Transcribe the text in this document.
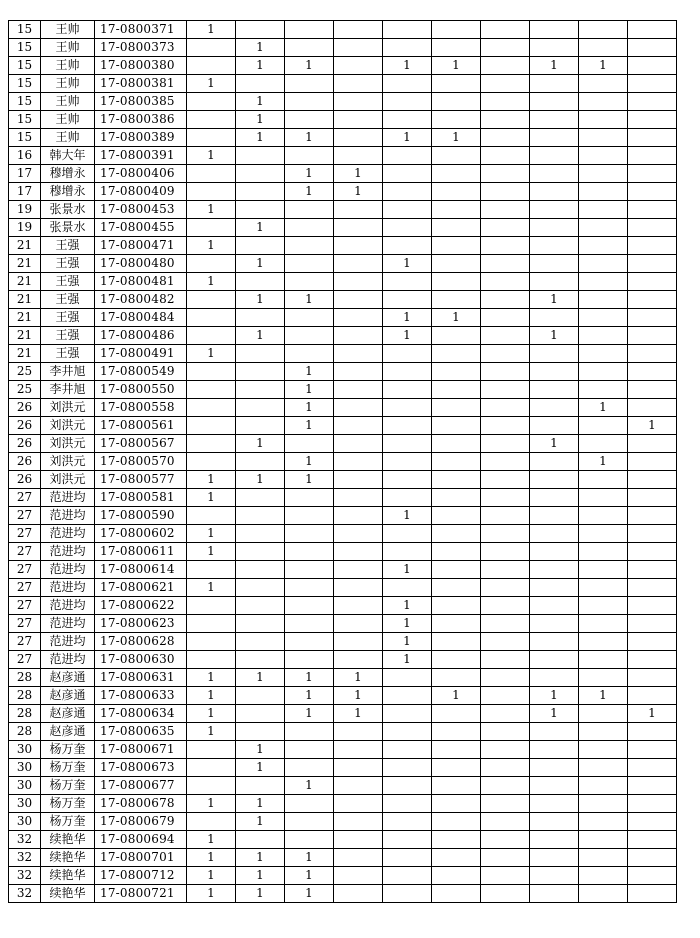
15	王帅	17-0800371	1									
15	王帅	17-0800373		1								
15	王帅	17-0800380		1	1		1	1		1	1	
15	王帅	17-0800381	1									
15	王帅	17-0800385		1								
15	王帅	17-0800386		1								
15	王帅	17-0800389		1	1		1	1				
16	韩大年	17-0800391	1									
17	穆增永	17-0800406			1	1						
17	穆增永	17-0800409			1	1						
19	张景水	17-0800453	1									
19	张景水	17-0800455		1								
21	王强	17-0800471	1									
21	王强	17-0800480		1			1					
21	王强	17-0800481	1									
21	王强	17-0800482		1	1					1		
21	王强	17-0800484					1	1				
21	王强	17-0800486		1			1			1		
21	王强	17-0800491	1									
25	李井旭	17-0800549			1							
25	李井旭	17-0800550			1							
26	刘洪元	17-0800558			1						1	
26	刘洪元	17-0800561			1							1
26	刘洪元	17-0800567		1						1		
26	刘洪元	17-0800570			1						1	
26	刘洪元	17-0800577	1	1	1							
27	范进均	17-0800581	1									
27	范进均	17-0800590					1					
27	范进均	17-0800602	1									
27	范进均	17-0800611	1									
27	范进均	17-0800614					1					
27	范进均	17-0800621	1									
27	范进均	17-0800622					1					
27	范进均	17-0800623					1					
27	范进均	17-0800628					1					
27	范进均	17-0800630					1					
28	赵彦通	17-0800631	1	1	1	1						
28	赵彦通	17-0800633	1		1	1		1		1	1	
28	赵彦通	17-0800634	1		1	1				1		1
28	赵彦通	17-0800635	1									
30	杨万奎	17-0800671		1								
30	杨万奎	17-0800673		1								
30	杨万奎	17-0800677			1							
30	杨万奎	17-0800678	1	1								
30	杨万奎	17-0800679		1								
32	续艳华	17-0800694	1									
32	续艳华	17-0800701	1	1	1							
32	续艳华	17-0800712	1	1	1							
32	续艳华	17-0800721	1	1	1							
